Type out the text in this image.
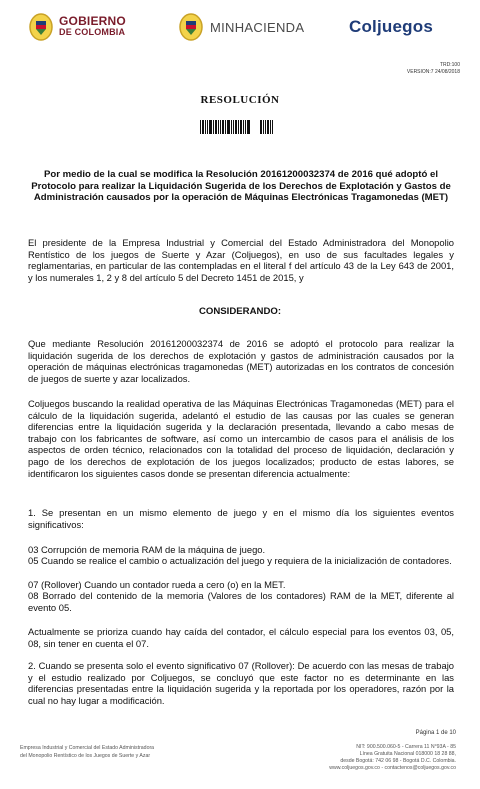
GOBIERNO
DE COLOMBIA	MINHACIENDA	Coljuegos
TRD:100
VERSION:7 24/08/2018
RESOLUCIÓN
Por medio de la cual se modifica la Resolución 20161200032374 de 2016 qué adoptó el Protocolo para realizar la Liquidación Sugerida de los Derechos de Explotación y Gastos de Administración causados por la operación de Máquinas Electrónicas Tragamonedas (MET)
El presidente de la Empresa Industrial y Comercial del Estado Administradora del Monopolio Rentístico de los juegos de Suerte y Azar (Coljuegos), en uso de sus facultades legales y reglamentarias, en particular de las contempladas en el literal f del artículo 43 de la Ley 643 de 2001, y los numerales 1, 2 y 8 del artículo 5 del Decreto 1451 de 2015, y
CONSIDERANDO:
Que mediante Resolución 20161200032374 de 2016 se adoptó el protocolo para realizar la liquidación sugerida de los derechos de explotación y gastos de administración causados por la operación de máquinas electrónicas tragamonedas (MET) autorizadas en los contratos de concesión de juegos de suerte y azar localizados.
Coljuegos buscando la realidad operativa de las Máquinas Electrónicas Tragamonedas (MET) para el cálculo de la liquidación sugerida, adelantó el estudio de las causas por las cuales se generan diferencias entre la liquidación sugerida y la declaración presentada, llevando a cabo mesas de trabajo con los fabricantes de software, así como un intercambio de casos para el análisis de los aspectos de orden técnico, relacionados con la totalidad del proceso de liquidación, declaración y pago de los derechos de explotación de los juegos localizados; producto de estas labores, se identificaron los siguientes casos donde se presentan diferencia actualmente:
1. Se presentan en un mismo elemento de juego y en el mismo día los siguientes eventos significativos:
03 Corrupción de memoria RAM de la máquina de juego.
05 Cuando se realice el cambio o actualización del juego y requiera de la inicialización de contadores.
07 (Rollover) Cuando un contador rueda a cero (o) en la MET.
08 Borrado del contenido de la memoria (Valores de los contadores) RAM de la MET, diferente al evento 05.
Actualmente se prioriza cuando hay caída del contador, el cálculo especial para los eventos 03, 05, 08, sin tener en cuenta el 07.
2. Cuando se presenta solo el evento significativo 07 (Rollover): De acuerdo con las mesas de trabajo y el estudio realizado por Coljuegos, se concluyó que este factor no es determinante en las diferencias presentadas entre la liquidación sugerida y la reportada por los operadores, razón por la cual no hay lugar a modificación.
Página 1 de 10
Empresa Industrial y Comercial del Estado Administradora
del Monopolio Rentístico de los Juegos de Suerte y Azar
NIT: 900.500.060-5 - Carrera 11 N°93A - 85
Línea Gratuita Nacional 018000 18 28 88,
desde Bogotá: 742 06 98 - Bogotá D.C. Colombia.
www.coljuegos.gov.co - contactenos@coljuegos.gov.co
